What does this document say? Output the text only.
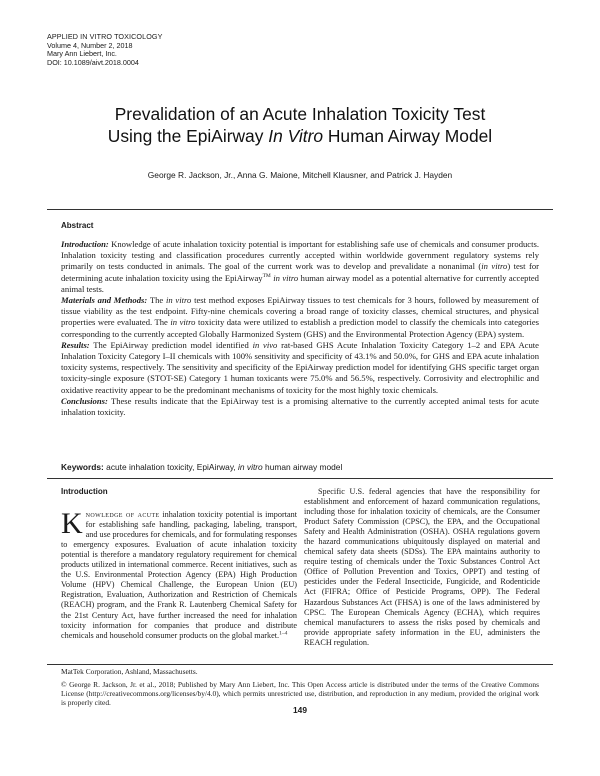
APPLIED IN VITRO TOXICOLOGY
Volume 4, Number 2, 2018
Mary Ann Liebert, Inc.
DOI: 10.1089/aivt.2018.0004
Prevalidation of an Acute Inhalation Toxicity Test
Using the EpiAirway In Vitro Human Airway Model
George R. Jackson, Jr., Anna G. Maione, Mitchell Klausner, and Patrick J. Hayden
Abstract

Introduction: Knowledge of acute inhalation toxicity potential is important for establishing safe use of chemicals and consumer products. Inhalation toxicity testing and classification procedures currently accepted within worldwide government regulatory systems rely primarily on tests conducted in animals. The goal of the current work was to develop and prevalidate a nonanimal (in vitro) test for determining acute inhalation toxicity using the EpiAirway™ in vitro human airway model as a potential alternative for currently accepted animal tests.

Materials and Methods: The in vitro test method exposes EpiAirway tissues to test chemicals for 3 hours, followed by measurement of tissue viability as the test endpoint. Fifty-nine chemicals covering a broad range of toxicity classes, chemical structures, and physical properties were evaluated. The in vitro toxicity data were utilized to establish a prediction model to classify the chemicals into categories corresponding to the currently accepted Globally Harmonized System (GHS) and the Environmental Protection Agency (EPA) system.

Results: The EpiAirway prediction model identified in vivo rat-based GHS Acute Inhalation Toxicity Category 1–2 and EPA Acute Inhalation Toxicity Category I–II chemicals with 100% sensitivity and specificity of 43.1% and 50.0%, for GHS and EPA acute inhalation toxicity systems, respectively. The sensitivity and specificity of the EpiAirway prediction model for identifying GHS specific target organ toxicity-single exposure (STOT-SE) Category 1 human toxicants were 75.0% and 56.5%, respectively. Corrosivity and electrophilic and oxidative reactivity appear to be the predominant mechanisms of toxicity for the most highly toxic chemicals.

Conclusions: These results indicate that the EpiAirway test is a promising alternative to the currently accepted animal tests for acute inhalation toxicity.

Keywords: acute inhalation toxicity, EpiAirway, in vitro human airway model

Introduction

Knowledge of acute inhalation toxicity potential is important for establishing safe handling, packaging, labeling, transport, and use procedures for chemicals, and for formulating responses to emergency exposures. Evaluation of acute inhalation toxicity potential is therefore a mandatory regulatory requirement for chemical products utilized in international commerce. Recent initiatives, such as the U.S. Environmental Protection Agency (EPA) High Production Volume (HPV) Chemical Challenge, the European Union (EU) Registration, Evaluation, Authorization and Restriction of Chemicals (REACH) program, and the Frank R. Lautenberg Chemical Safety for the 21st Century Act, have further increased the need for inhalation toxicity information for companies that produce and distribute chemicals and household consumer products on the global market.$^{1-4}$

Specific U.S. federal agencies that have the responsibility for establishment and enforcement of hazard communication regulations, including those for inhalation toxicity of chemicals, are the Consumer Product Safety Commission (CPSC), the EPA, and the Occupational Safety and Health Administration (OSHA). OSHA regulations govern the hazard communications ubiquitously displayed on material and chemical safety data sheets (SDSs). The EPA maintains authority to require testing of chemicals under the Toxic Substances Control Act (Office of Pollution Prevention and Toxics, OPPT) and testing of pesticides under the Federal Insecticide, Fungicide, and Rodenticide Act (FIFRA; Office of Pesticide Programs, OPP). The Federal Hazardous Substances Act (FHSA) is one of the laws administered by CPSC. The European Chemicals Agency (ECHA), which requires chemical manufacturers to assess the risks posed by chemicals and provide appropriate safety information in the EU, administers the REACH regulation.

MatTek Corporation, Ashland, Massachusetts.
© George R. Jackson, Jr. et al., 2018; Published by Mary Ann Liebert, Inc. This Open Access article is distributed under the terms of the Creative Commons License (http://creativecommons.org/licenses/by/4.0), which permits unrestricted use, distribution, and reproduction in any medium, provided the original work is properly cited.
149
